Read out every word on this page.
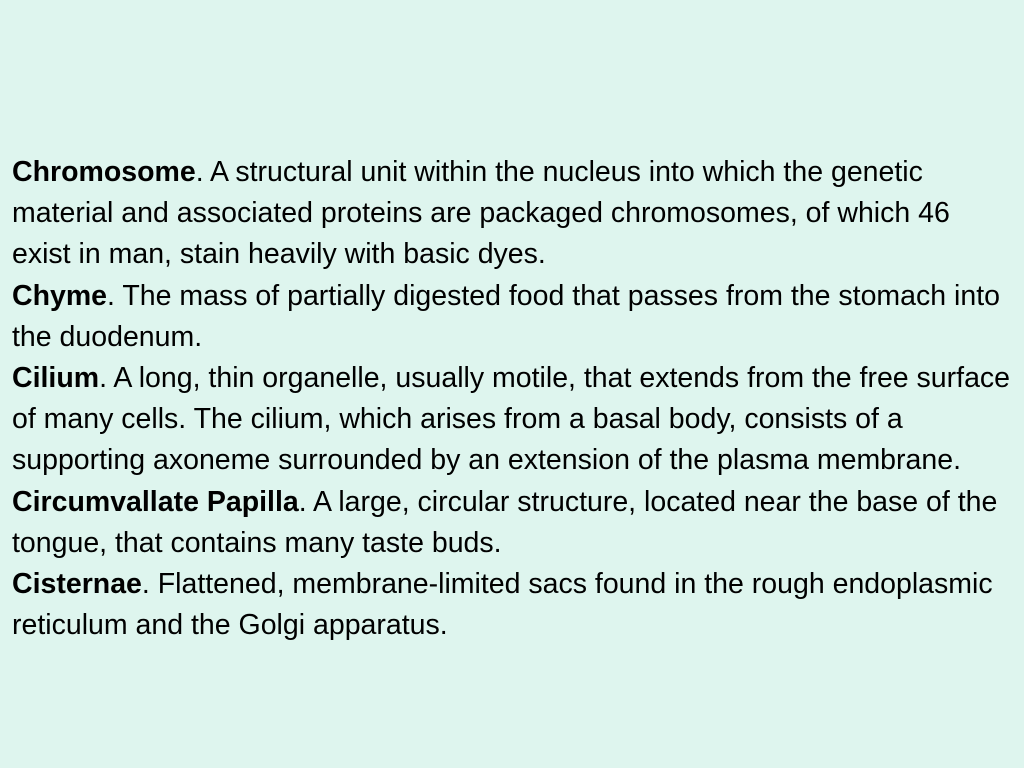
Chromosome. A structural unit within the nucleus into which the genetic material and associated proteins are packaged chromosomes, of which 46 exist in man, stain heavily with basic dyes.

Chyme. The mass of partially digested food that passes from the stomach into the duodenum.

Cilium. A long, thin organelle, usually motile, that extends from the free surface of many cells. The cilium, which arises from a basal body, consists of a supporting axoneme surrounded by an extension of the plasma membrane.

Circumvallate Papilla. A large, circular structure, located near the base of the tongue, that contains many taste buds.

Cisternae. Flattened, membrane-limited sacs found in the rough endoplasmic reticulum and the Golgi apparatus.
